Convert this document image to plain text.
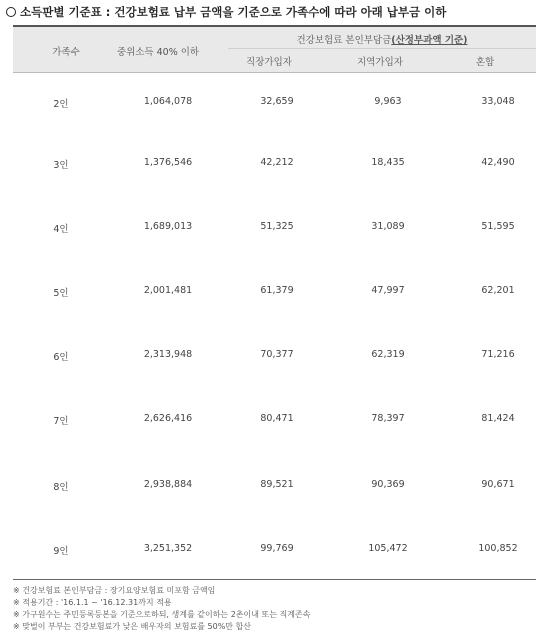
소득판별 기준표 : 건강보험료 납부 금액을 기준으로 가족수에 따라 아래 납부금 이하
가족수	중위소득 40% 이하
건강보험료 본인부담금(산정부과액 기준)
직장가입자	지역가입자	혼합
2인	1,064,078	32,659	9,963	33,048
3인	1,376,546	42,212	18,435	42,490
4인	1,689,013	51,325	31,089	51,595
5인	2,001,481	61,379	47,997	62,201
6인	2,313,948	70,377	62,319	71,216
7인	2,626,416	80,471	78,397	81,424
8인	2,938,884	89,521	90,369	90,671
9인	3,251,352	99,769	105,472	100,852
※ 건강보험료 본인부담금 : 장기요양보험료 미포함 금액임
※ 적용기간 : '16.1.1 ~ '16.12.31까지 적용
※ 가구원수는 주민등록등본을 기준으로하되, 생계를 같이하는 2촌이내 또는 직계존속
※ 맞벌이 부부는 건강보험료가 낮은 배우자의 보험료를 50%만 합산
